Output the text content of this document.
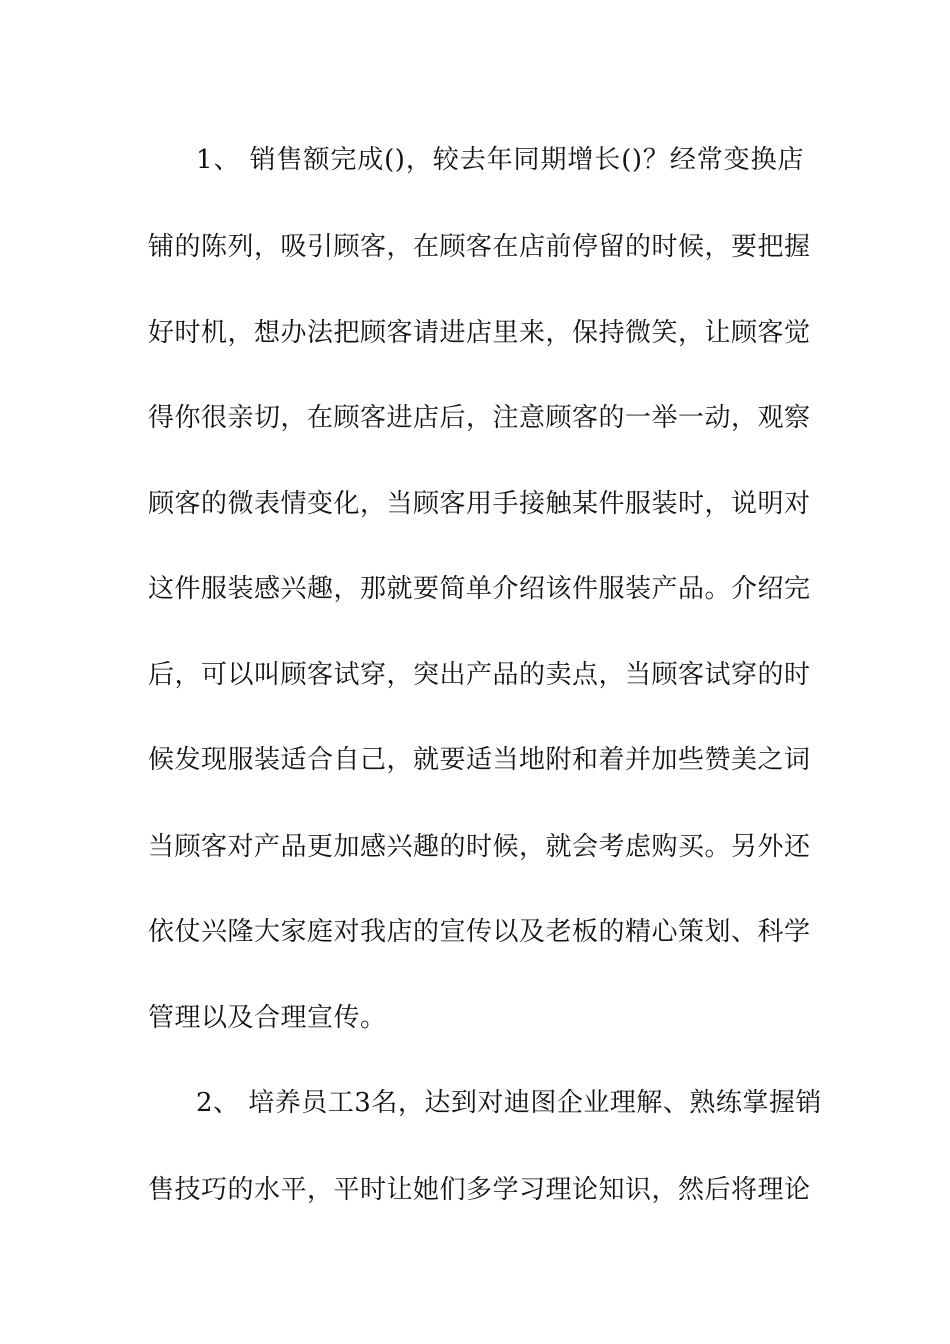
1、 销售额完成()，较去年同期增长()？经常变换店
铺的陈列，吸引顾客，在顾客在店前停留的时候，要把握
好时机，想办法把顾客请进店里来，保持微笑，让顾客觉
得你很亲切，在顾客进店后，注意顾客的一举一动，观察
顾客的微表情变化，当顾客用手接触某件服装时，说明对
这件服装感兴趣，那就要简单介绍该件服装产品。介绍完
后，可以叫顾客试穿，突出产品的卖点，当顾客试穿的时
候发现服装适合自己，就要适当地附和着并加些赞美之词
当顾客对产品更加感兴趣的时候，就会考虑购买。另外还
依仗兴隆大家庭对我店的宣传以及老板的精心策划、科学
管理以及合理宣传。
2、 培养员工3名，达到对迪图企业理解、熟练掌握销
售技巧的水平，平时让她们多学习理论知识，然后将理论
